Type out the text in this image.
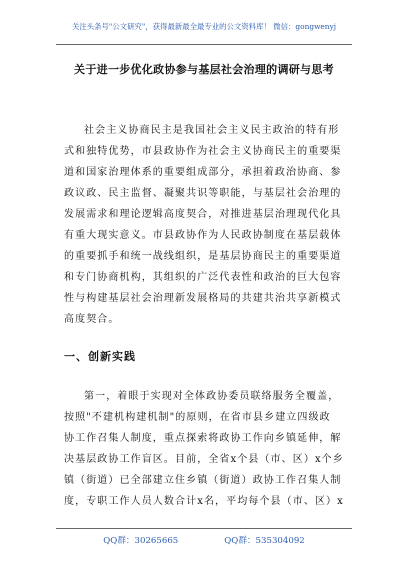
关注头条号"公文研究"，获得最新最全最专业的公文资料库！ 微信：gongwenyj
关于进一步优化政协参与基层社会治理的调研与思考

社会主义协商民主是我国社会主义民主政治的特有形
式和独特优势，市县政协作为社会主义协商民主的重要渠
道和国家治理体系的重要组成部分，承担着政治协商、参
政议政、民主监督、凝聚共识等职能，与基层社会治理的
发展需求和理论逻辑高度契合，对推进基层治理现代化具
有重大现实意义。市县政协作为人民政协制度在基层载体
的重要抓手和统一战线组织，是基层协商民主的重要渠道
和专门协商机构，其组织的广泛代表性和政治的巨大包容
性与构建基层社会治理新发展格局的共建共治共享新模式
高度契合。

一、创新实践

第一，着眼于实现对全体政协委员联络服务全覆盖，
按照"不建机构建机制"的原则，在省市县乡建立四级政
协工作召集人制度，重点探索将政协工作向乡镇延伸，解
决基层政协工作盲区。目前，全省x个县（市、区）x个乡
镇（街道）已全部建立住乡镇（街道）政协工作召集人制
度，专职工作人员人数合计x名，平均每个县（市、区）x

QQ群：30265665	QQ群：535304092
